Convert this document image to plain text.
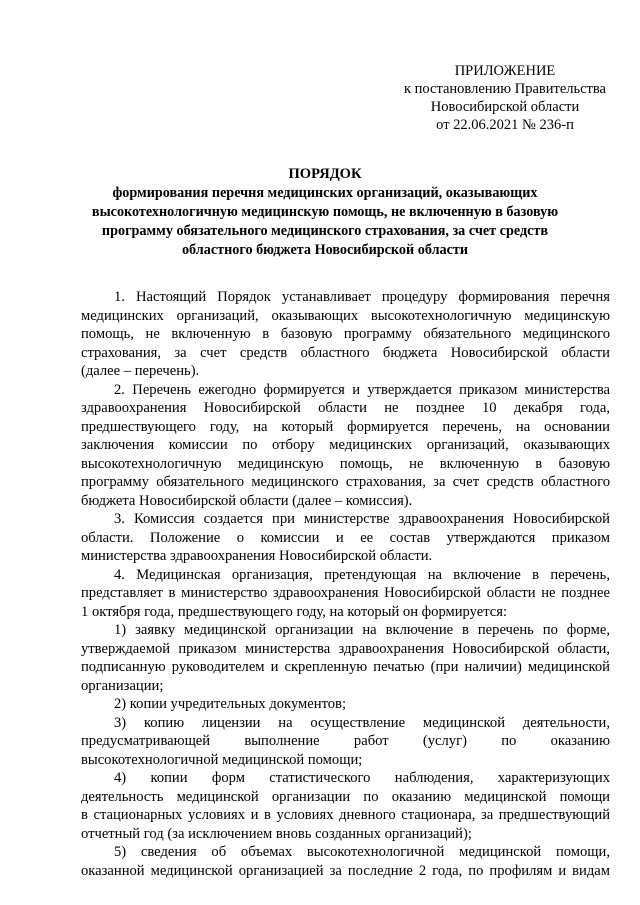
ПРИЛОЖЕНИЕ
к постановлению Правительства
Новосибирской области
от 22.06.2021 № 236-п
ПОРЯДОК
формирования перечня медицинских организаций, оказывающих
высокотехнологичную медицинскую помощь, не включенную в базовую
программу обязательного медицинского страхования, за счет средств
областного бюджета Новосибирской области
1. Настоящий Порядок устанавливает процедуру формирования перечня
медицинских организаций, оказывающих высокотехнологичную медицинскую
помощь, не включенную в базовую программу обязательного медицинского
страхования, за счет средств областного бюджета Новосибирской области
(далее – перечень).
2. Перечень ежегодно формируется и утверждается приказом министерства
здравоохранения Новосибирской области не позднее 10 декабря года,
предшествующего году, на который формируется перечень, на основании
заключения комиссии по отбору медицинских организаций, оказывающих
высокотехнологичную медицинскую помощь, не включенную в базовую
программу обязательного медицинского страхования, за счет средств областного
бюджета Новосибирской области (далее – комиссия).
3. Комиссия создается при министерстве здравоохранения Новосибирской
области. Положение о комиссии и ее состав утверждаются приказом
министерства здравоохранения Новосибирской области.
4. Медицинская организация, претендующая на включение в перечень,
представляет в министерство здравоохранения Новосибирской области не позднее
1 октября года, предшествующего году, на который он формируется:
1) заявку медицинской организации на включение в перечень по форме,
утверждаемой приказом министерства здравоохранения Новосибирской области,
подписанную руководителем и скрепленную печатью (при наличии) медицинской
организации;
2) копии учредительных документов;
3) копию лицензии на осуществление медицинской деятельности,
предусматривающей выполнение работ (услуг) по оказанию
высокотехнологичной медицинской помощи;
4) копии форм статистического наблюдения, характеризующих
деятельность медицинской организации по оказанию медицинской помощи
в стационарных условиях и в условиях дневного стационара, за предшествующий
отчетный год (за исключением вновь созданных организаций);
5) сведения об объемах высокотехнологичной медицинской помощи,
оказанной медицинской организацией за последние 2 года, по профилям и видам
